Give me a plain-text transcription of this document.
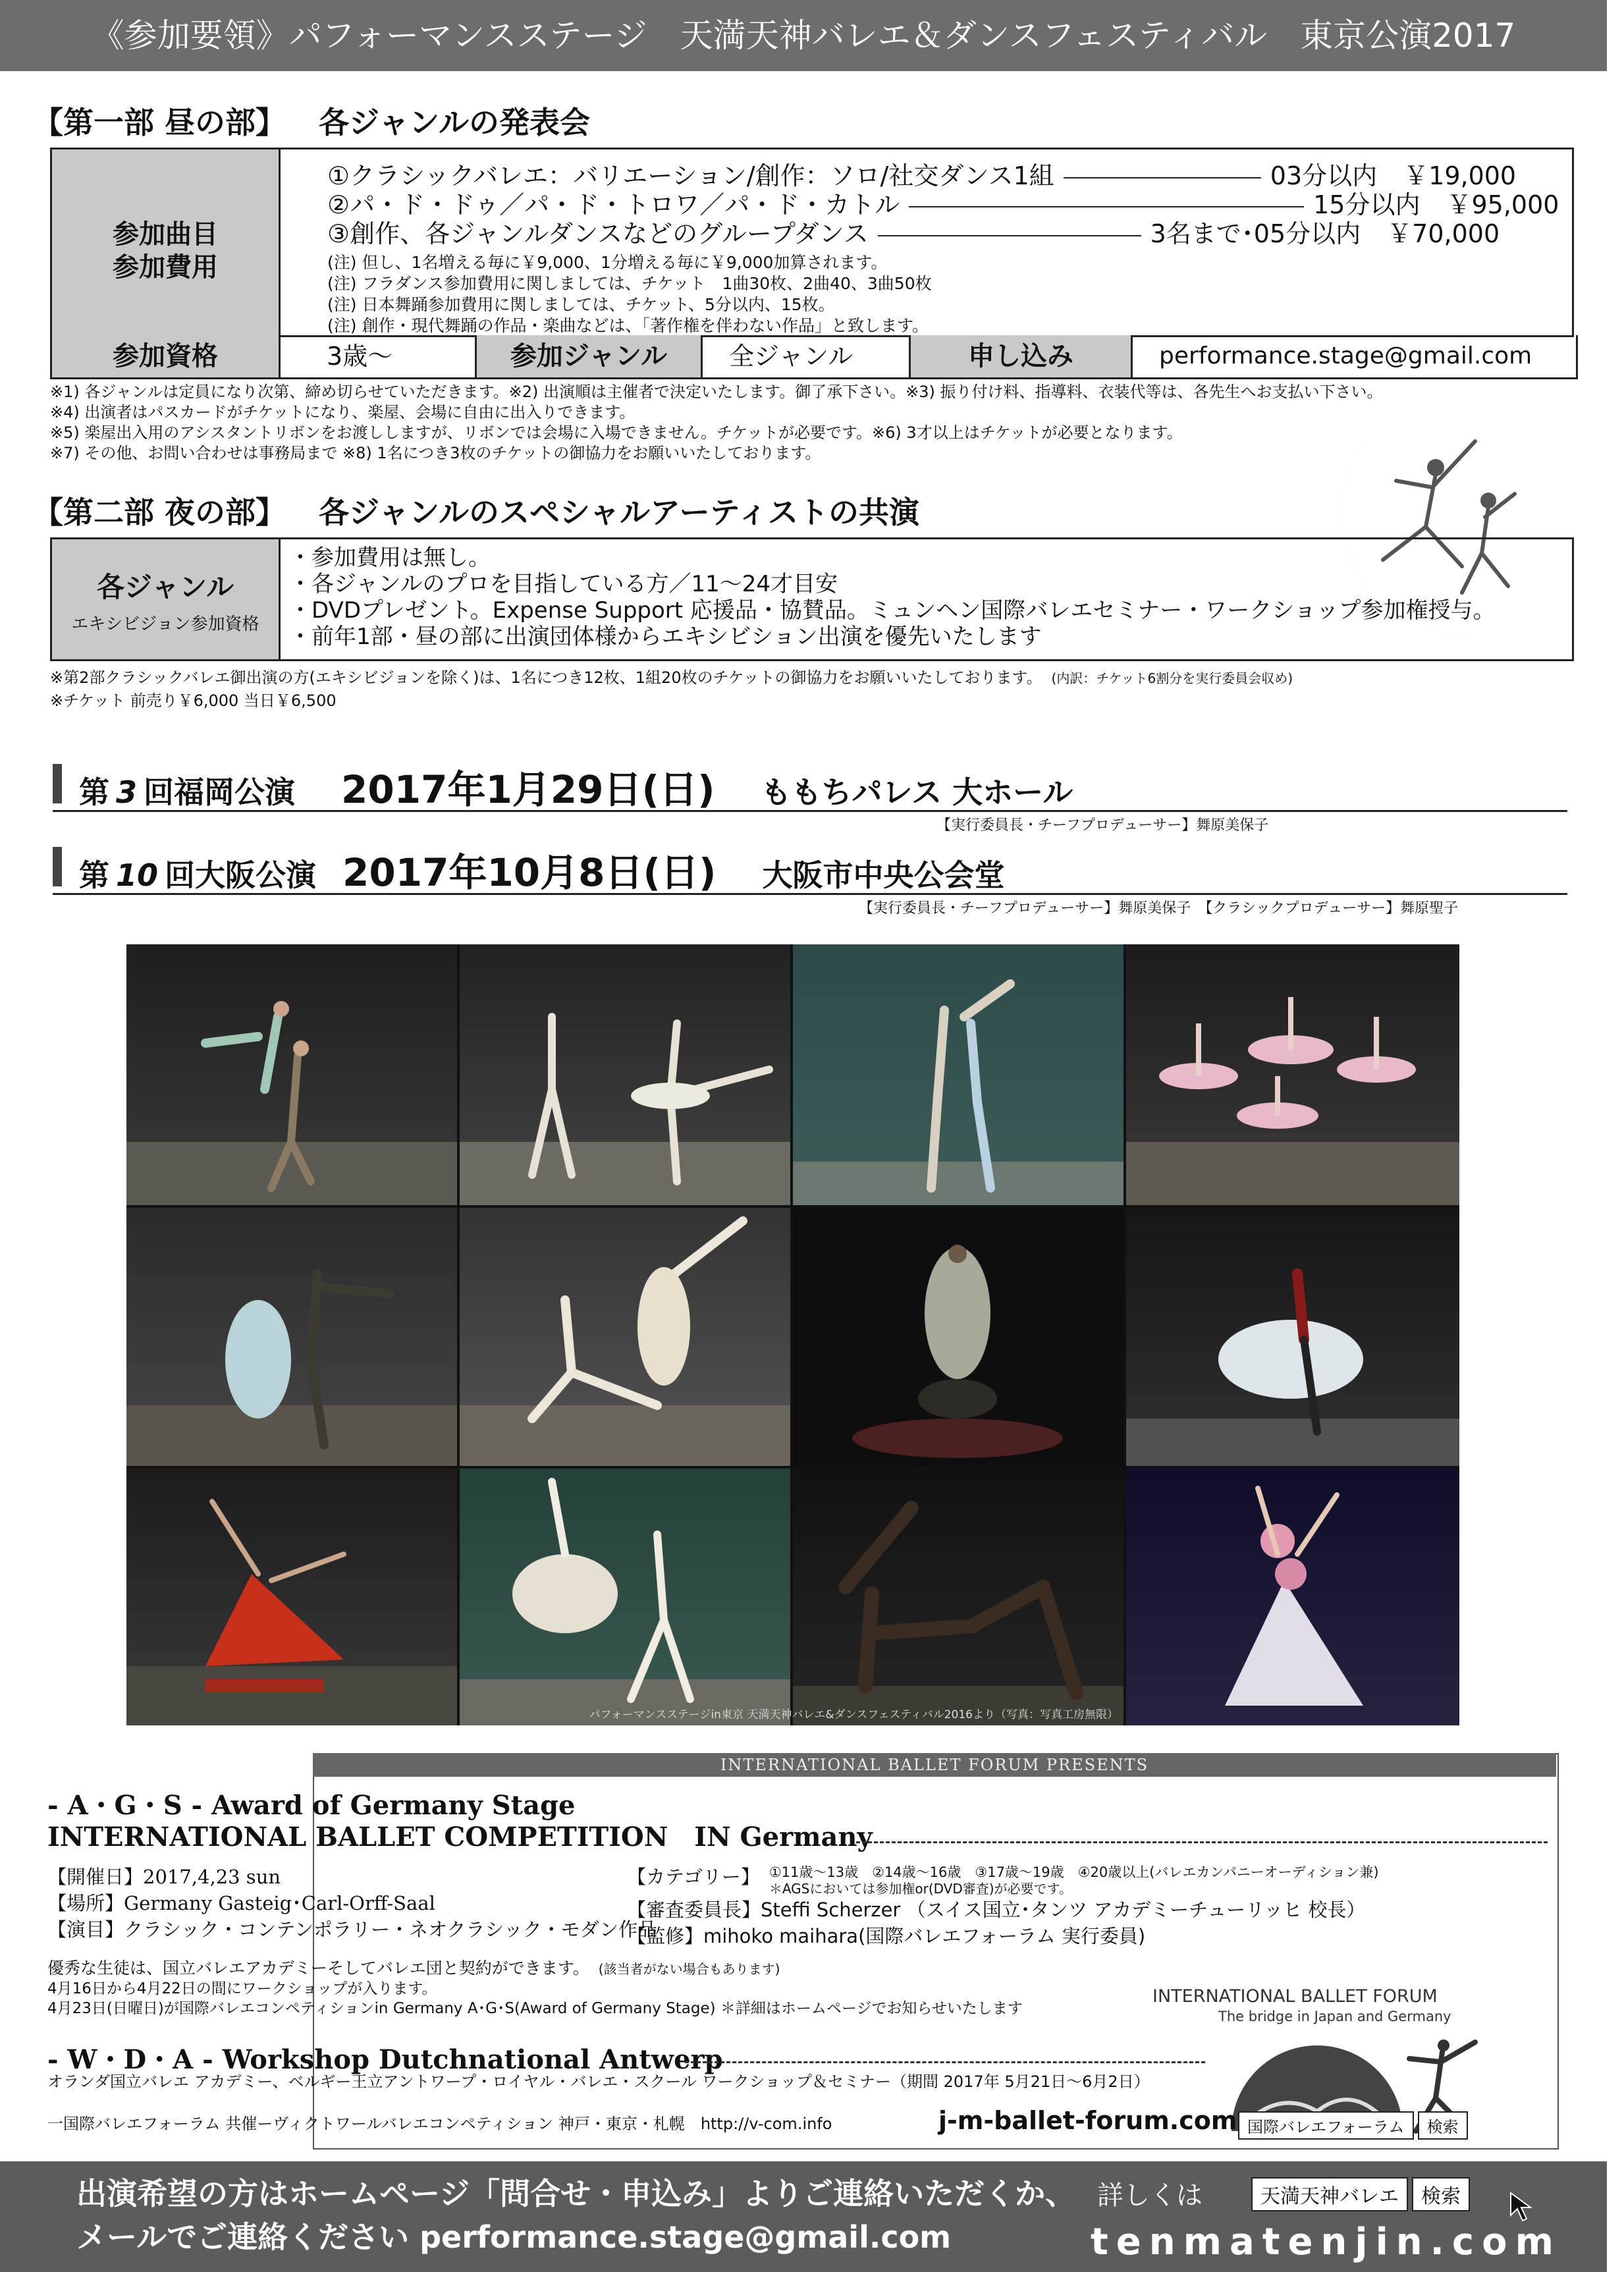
《参加要領》パフォーマンスステージ　天満天神バレエ＆ダンスフェスティバル　東京公演2017
【第一部 昼の部】 各ジャンルの発表会
参加曲目
参加費用
①クラシックバレエ：バリエーション/創作：ソロ/社交ダンス1組	03分以内 ￥19,000
②パ・ド・ドゥ／パ・ド・トロワ／パ・ド・カトル	15分以内 ￥95,000
③創作、各ジャンルダンスなどのグループダンス	3名まで･05分以内 ￥70,000
(注) 但し、1名増える毎に￥9,000、1分増える毎に￥9,000加算されます。
(注) フラダンス参加費用に関しましては、チケット　1曲30枚、2曲40、3曲50枚
(注) 日本舞踊参加費用に関しましては、チケット、5分以内、15枚。
(注) 創作・現代舞踊の作品・楽曲などは、「著作権を伴わない作品」と致します。
参加資格	3歳～	参加ジャンル	全ジャンル	申し込み	performance.stage@gmail.com
※1) 各ジャンルは定員になり次第、締め切らせていただきます。※2) 出演順は主催者で決定いたします。御了承下さい。※3) 振り付け料、指導料、衣装代等は、各先生へお支払い下さい。
※4) 出演者はパスカードがチケットになり、楽屋、会場に自由に出入りできます。
※5) 楽屋出入用のアシスタントリボンをお渡ししますが、リボンでは会場に入場できません。チケットが必要です。※6) 3才以上はチケットが必要となります。
※7) その他、お問い合わせは事務局まで ※8) 1名につき3枚のチケットの御協力をお願いいたしております。
【第二部 夜の部】 各ジャンルのスペシャルアーティストの共演
各ジャンル
エキシビジョン参加資格
・参加費用は無し。
・各ジャンルのプロを目指している方／11～24才目安
・DVDプレゼント。Expense Support 応援品・協賛品。ミュンヘン国際バレエセミナー・ワークショップ参加権授与。
・前年1部・昼の部に出演団体様からエキシビション出演を優先いたします
※第2部クラシックバレエ御出演の方(エキシビジョンを除く)は、1名につき12枚、1組20枚のチケットの御協力をお願いいたしております。 (内訳：チケット6割分を実行委員会収め)
※チケット 前売り￥6,000 当日￥6,500
第 3 回福岡公演 2017年1月29日(日) ももちパレス 大ホール
【実行委員長・チーフプロデューサー】舞原美保子
第 10 回大阪公演 2017年10月8日(日) 大阪市中央公会堂
【実行委員長・チーフプロデューサー】舞原美保子　【クラシックプロデューサー】舞原聖子
パフォーマンスステージin東京 天満天神バレエ&ダンスフェスティバル2016より（写真：写真工房無限）
INTERNATIONAL BALLET FORUM PRESENTS
- A・G・S - Award of Germany Stage
INTERNATIONAL BALLET COMPETITION　IN Germany
【開催日】2017,4,23 sun
【場所】Germany Gasteig･Carl-Orff-Saal
【演目】クラシック・コンテンポラリー・ネオクラシック・モダン作品
【カテゴリー】 ①11歳～13歳　②14歳～16歳　③17歳～19歳　④20歳以上(バレエカンパニーオーディション兼)
＊AGSにおいては参加権or(DVD審査)が必要です。
【審査委員長】Steffi Scherzer （スイス国立･タンツ アカデミーチューリッヒ 校長）
【監修】mihoko maihara(国際バレエフォーラム 実行委員)
優秀な生徒は、国立バレエアカデミーそしてバレエ団と契約ができます。 (該当者がない場合もあります)
4月16日から4月22日の間にワークショップが入ります。
4月23日(日曜日)が国際バレエコンペティションin Germany A･G･S(Award of Germany Stage) ＊詳細はホームページでお知らせいたします
INTERNATIONAL BALLET FORUM
The bridge in Japan and Germany
- W・D・A - Workshop Dutchnational Antwerp
オランダ国立バレエ アカデミー、ベルギー王立アントワープ・ロイヤル・バレエ・スクール ワークショップ＆セミナー（期間 2017年 5月21日～6月2日）
一国際バレエフォーラム 共催ーヴィクトワールバレエコンペティション 神戸・東京・札幌　http://v-com.info	j-m-ballet-forum.com 国際バレエフォーラム 検索
出演希望の方はホームページ「問合せ・申込み」よりご連絡いただくか、
メールでご連絡ください performance.stage@gmail.com
詳しくは	天満天神バレエ 検索
tenmatenjin.com
